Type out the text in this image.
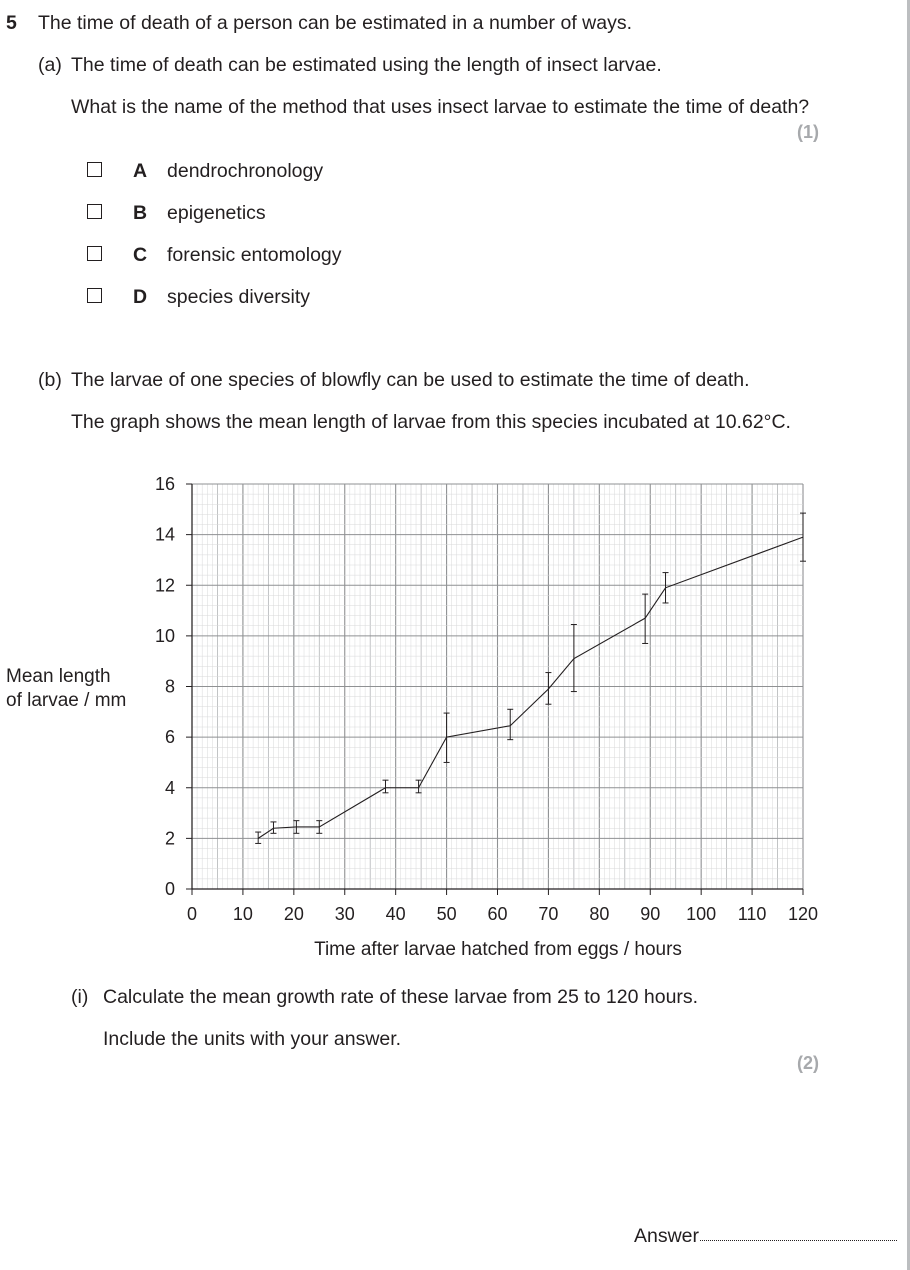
5 The time of death of a person can be estimated in a number of ways.
(a) The time of death can be estimated using the length of insect larvae.
What is the name of the method that uses insect larvae to estimate the time of death?
(1)
A dendrochronology
B epigenetics
C forensic entomology
D species diversity
(b) The larvae of one species of blowfly can be used to estimate the time of death.
The graph shows the mean length of larvae from this species incubated at 10.62°C.
0 10 20 30 40 50 60 70 80 90 100 110 120
0
2
4
6
8
10
12
14
16
Mean length
of larvae / mm
Time after larvae hatched from eggs / hours
(i) Calculate the mean growth rate of these larvae from 25 to 120 hours.
Include the units with your answer.
(2)
Answer
